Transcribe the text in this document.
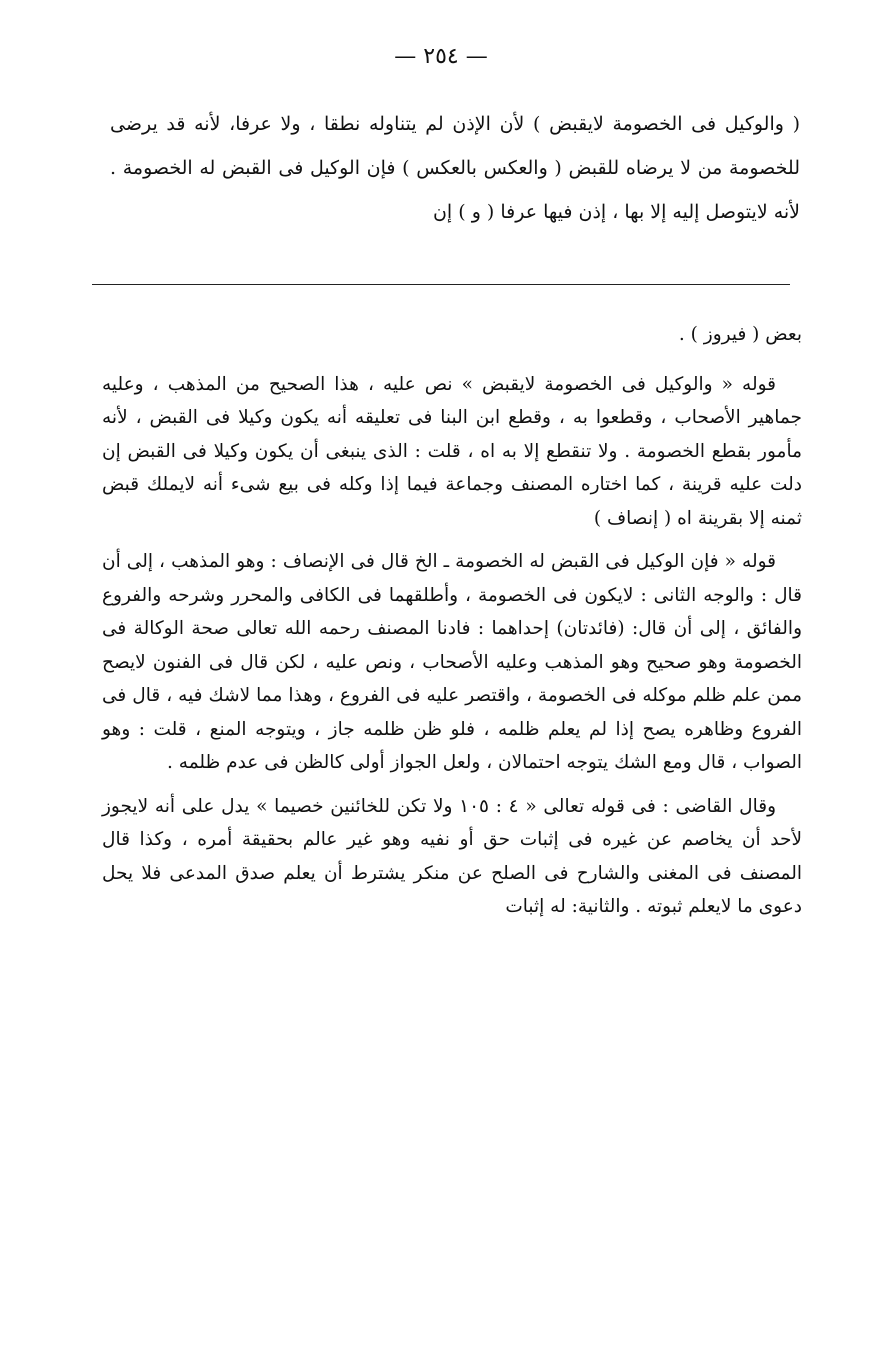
— ٢٥٤ —

( والوكيل فى الخصومة لايقبض ) لأن الإذن لم يتناوله نطقا ، ولا عرفا، لأنه قد يرضى للخصومة من لا يرضاه للقبض ( والعكس بالعكس ) فإن الوكيل فى القبض له الخصومة . لأنه لايتوصل إليه إلا بها ، إذن فيها عرفا ( و ) إن

بعض ( فيروز ) .

قوله « والوكيل فى الخصومة لايقبض » نص عليه ، هذا الصحيح من المذهب ، وعليه جماهير الأصحاب ، وقطعوا به ، وقطع ابن البنا فى تعليقه أنه يكون وكيلا فى القبض ، لأنه مأمور بقطع الخصومة . ولا تنقطع إلا به اه ، قلت : الذى ينبغى أن يكون وكيلا فى القبض إن دلت عليه قرينة ، كما اختاره المصنف وجماعة فيما إذا وكله فى بيع شىء أنه لايملك قبض ثمنه إلا بقرينة اه ( إنصاف )

قوله « فإن الوكيل فى القبض له الخصومة ـ الخ قال فى الإنصاف : وهو المذهب ، إلى أن قال : والوجه الثانى : لايكون فى الخصومة ، وأطلقهما فى الكافى والمحرر وشرحه والفروع والفائق ، إلى أن قال: (فائدتان) إحداهما : فادنا المصنف رحمه الله تعالى صحة الوكالة فى الخصومة وهو صحيح وهو المذهب وعليه الأصحاب ، ونص عليه ، لكن قال فى الفنون لايصح ممن علم ظلم موكله فى الخصومة ، واقتصر عليه فى الفروع ، وهذا مما لاشك فيه ، قال فى الفروع وظاهره يصح إذا لم يعلم ظلمه ، فلو ظن ظلمه جاز ، ويتوجه المنع ، قلت : وهو الصواب ، قال ومع الشك يتوجه احتمالان ، ولعل الجواز أولى كالظن فى عدم ظلمه .

وقال القاضى : فى قوله تعالى « ٤ : ١٠٥ ولا تكن للخائنين خصيما » يدل على أنه لايجوز لأحد أن يخاصم عن غيره فى إثبات حق أو نفيه وهو غير عالم بحقيقة أمره ، وكذا قال المصنف فى المغنى والشارح فى الصلح عن منكر يشترط أن يعلم صدق المدعى فلا يحل دعوى ما لايعلم ثبوته . والثانية: له إثبات
